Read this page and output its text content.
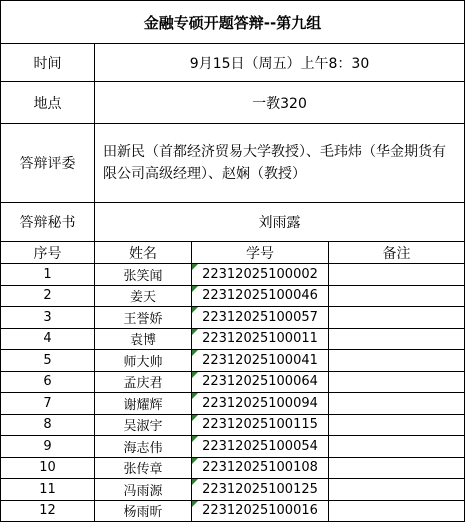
金融专硕开题答辩--第九组			
时间	9月15日（周五）上午8：30		
地点	一教320		
答辩评委	田新民（首都经济贸易大学教授）、毛玮炜（华金期货有限公司高级经理）、赵娴（教授）		
答辩秘书	刘雨露		
序号	姓名	学号	备注
1	张笑闻	22312025100002	
2	姜天	22312025100046	
3	王誉娇	22312025100057	
4	袁博	22312025100011	
5	师大帅	22312025100041	
6	孟庆君	22312025100064	
7	谢耀辉	22312025100094	
8	吴淑宇	22312025100115	
9	海志伟	22312025100054	
10	张传章	22312025100108	
11	冯雨源	22312025100125	
12	杨雨昕	22312025100016	
